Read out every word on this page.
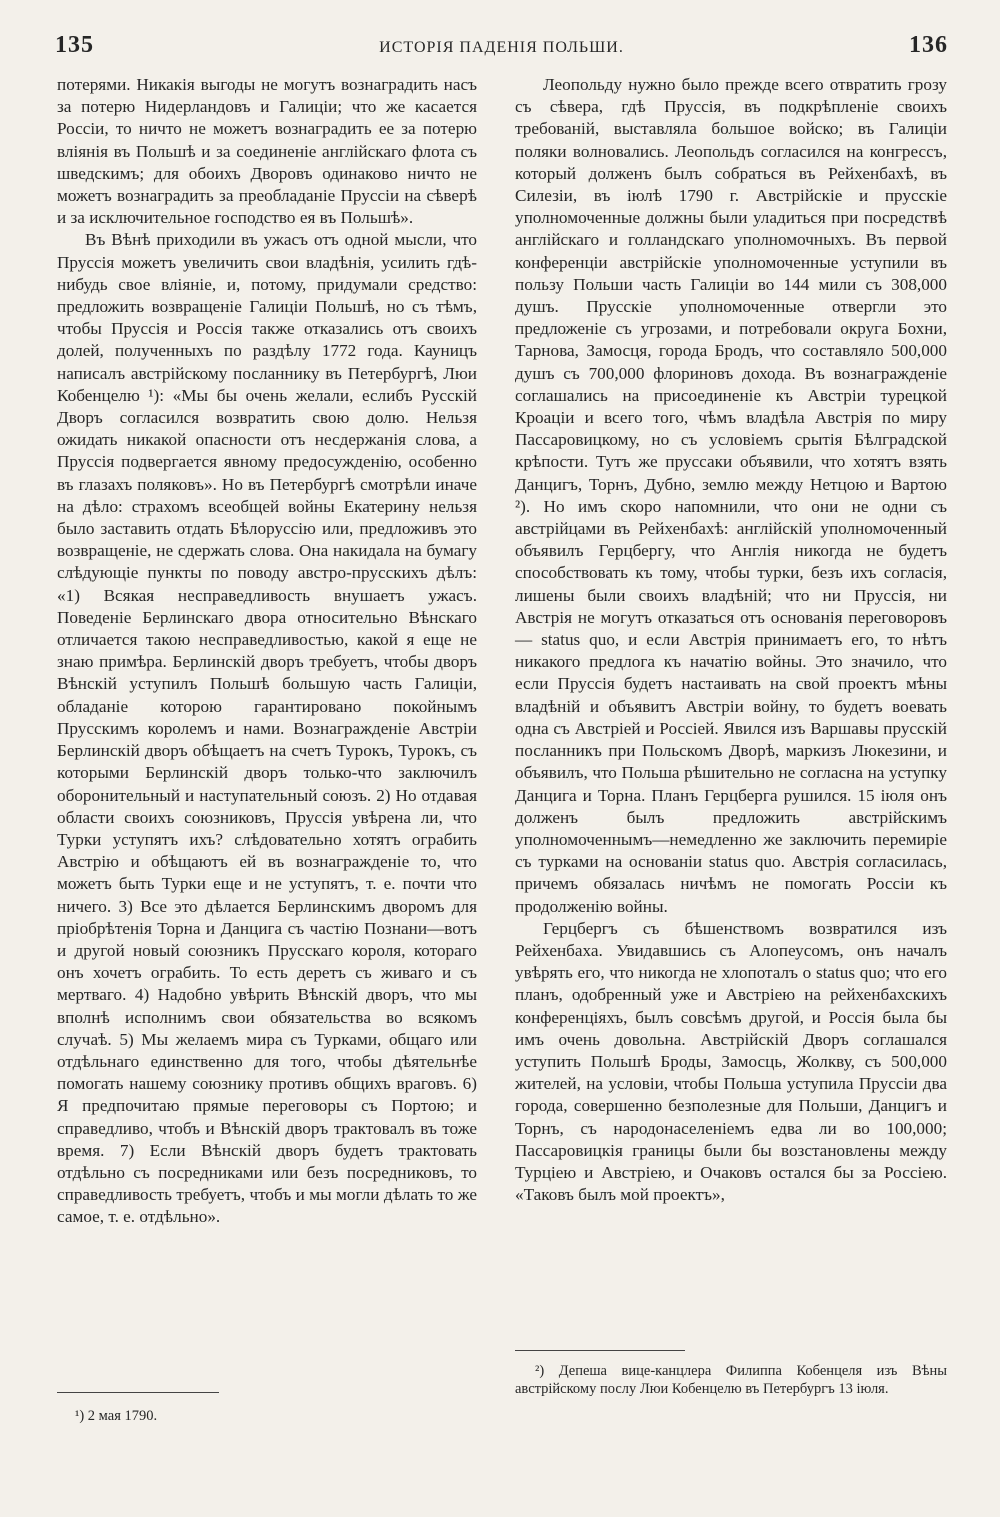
135	ИСТОРІЯ ПАДЕНІЯ ПОЛЬШИ.	136

потерями. Никакія выгоды не могутъ вознаградить насъ за потерю Нидерландовъ и Галиціи; что же касается Россіи, то ничто не можетъ вознаградить ее за потерю вліянія въ Польшѣ и за соединеніе англійскаго флота съ шведскимъ; для обоихъ Дворовъ одинаково ничто не можетъ вознаградить за преобладаніе Пруссіи на сѣверѣ и за исключительное господство ея въ Польшѣ».

Въ Вѣнѣ приходили въ ужасъ отъ одной мысли, что Пруссія можетъ увеличить свои владѣнія, усилить гдѣ-нибудь свое вліяніе, и, потому, придумали средство: предложить возвращеніе Галиціи Польшѣ, но съ тѣмъ, чтобы Пруссія и Россія также отказались отъ своихъ долей, полученныхъ по раздѣлу 1772 года. Кауницъ написалъ австрійскому посланнику въ Петербургѣ, Люи Кобенцелю ¹): «Мы бы очень желали, еслибъ Русскій Дворъ согласился возвратить свою долю. Нельзя ожидать никакой опасности отъ несдержанія слова, а Пруссія подвергается явному предосужденію, особенно въ глазахъ поляковъ». Но въ Петербургѣ смотрѣли иначе на дѣло: страхомъ всеобщей войны Екатерину нельзя было заставить отдать Бѣлоруссію или, предложивъ это возвращеніе, не сдержать слова. Она накидала на бумагу слѣдующіе пункты по поводу австро-прусскихъ дѣлъ: «1) Всякая несправедливость внушаетъ ужасъ. Поведеніе Берлинскаго двора относительно Вѣнскаго отличается такою несправедливостью, какой я еще не знаю примѣра. Берлинскій дворъ требуетъ, чтобы дворъ Вѣнскій уступилъ Польшѣ большую часть Галиціи, обладаніе которою гарантировано покойнымъ Прусскимъ королемъ и нами. Вознагражденіе Австріи Берлинскій дворъ обѣщаетъ на счетъ Турокъ, Турокъ, съ которыми Берлинскій дворъ только-что заключилъ оборонительный и наступательный союзъ. 2) Но отдавая области своихъ союзниковъ, Пруссія увѣрена ли, что Турки уступятъ ихъ? слѣдовательно хотятъ ограбить Австрію и обѣщаютъ ей въ вознагражденіе то, что можетъ быть Турки еще и не уступятъ, т. е. почти что ничего. 3) Все это дѣлается Берлинскимъ дворомъ для пріобрѣтенія Торна и Данцига съ частію Познани—вотъ и другой новый союзникъ Прусскаго короля, котораго онъ хочетъ ограбить. То есть деретъ съ живаго и съ мертваго. 4) Надобно увѣрить Вѣнскій дворъ, что мы вполнѣ исполнимъ свои обязательства во всякомъ случаѣ. 5) Мы желаемъ мира съ Турками, общаго или отдѣльнаго единственно для того, чтобы дѣятельнѣе помогать нашему союзнику противъ общихъ враговъ. 6) Я предпочитаю прямые переговоры съ Портою; и справедливо, чтобъ и Вѣнскій дворъ трактовалъ въ тоже время. 7) Если Вѣнскій дворъ будетъ трактовать отдѣльно съ посредниками или безъ посредниковъ, то справедливость требуетъ, чтобъ и мы могли дѣлать то же самое, т. е. отдѣльно».

¹) 2 мая 1790.

Леопольду нужно было прежде всего отвратить грозу съ сѣвера, гдѣ Пруссія, въ подкрѣпленіе своихъ требованій, выставляла большое войско; въ Галиціи поляки волновались. Леопольдъ согласился на конгрессъ, который долженъ былъ собраться въ Рейхенбахѣ, въ Силезіи, въ іюлѣ 1790 г. Австрійскіе и прусскіе уполномоченные должны были уладиться при посредствѣ англійскаго и голландскаго уполномочныхъ. Въ первой конференціи австрійскіе уполномоченные уступили въ пользу Польши часть Галиціи во 144 мили съ 308,000 душъ. Прусскіе уполномоченные отвергли это предложеніе съ угрозами, и потребовали округа Бохни, Тарнова, Замосця, города Бродъ, что составляло 500,000 душъ съ 700,000 флориновъ дохода. Въ вознагражденіе соглашались на присоединеніе къ Австріи турецкой Кроаціи и всего того, чѣмъ владѣла Австрія по миру Пассаровицкому, но съ условіемъ срытія Бѣлградской крѣпости. Тутъ же пруссаки объявили, что хотятъ взять Данцигъ, Торнъ, Дубно, землю между Нетцою и Вартою ²). Но имъ скоро напомнили, что они не одни съ австрійцами въ Рейхенбахѣ: англійскій уполномоченный объявилъ Герцбергу, что Англія никогда не будетъ способствовать къ тому, чтобы турки, безъ ихъ согласія, лишены были своихъ владѣній; что ни Пруссія, ни Австрія не могутъ отказаться отъ основанія переговоровъ — status quo, и если Австрія принимаетъ его, то нѣтъ никакого предлога къ начатію войны. Это значило, что если Пруссія будетъ настаивать на свой проектъ мѣны владѣній и объявитъ Австріи войну, то будетъ воевать одна съ Австріей и Россіей. Явился изъ Варшавы прусскій посланникъ при Польскомъ Дворѣ, маркизъ Люкезини, и объявилъ, что Польша рѣшительно не согласна на уступку Данцига и Торна. Планъ Герцберга рушился. 15 іюля онъ долженъ былъ предложить австрійскимъ уполномоченнымъ—немедленно же заключить перемиріе съ турками на основаніи status quo. Австрія согласилась, причемъ обязалась ничѣмъ не помогать Россіи къ продолженію войны.

Герцбергъ съ бѣшенствомъ возвратился изъ Рейхенбаха. Увидавшись съ Алопеусомъ, онъ началъ увѣрять его, что никогда не хлопоталъ о status quo; что его планъ, одобренный уже и Австріею на рейхенбахскихъ конференціяхъ, былъ совсѣмъ другой, и Россія была бы имъ очень довольна. Австрійскій Дворъ соглашался уступить Польшѣ Броды, Замосць, Жолкву, съ 500,000 жителей, на условіи, чтобы Польша уступила Пруссіи два города, совершенно безполезные для Польши, Данцигъ и Торнъ, съ народонаселеніемъ едва ли во 100,000; Пассаровицкія границы были бы возстановлены между Турціею и Австріею, и Очаковъ остался бы за Россіею. «Таковъ былъ мой проектъ»,

²) Депеша вице-канцлера Филиппа Кобенцеля изъ Вѣны австрійскому послу Люи Кобенцелю въ Петербургъ 13 іюля.
